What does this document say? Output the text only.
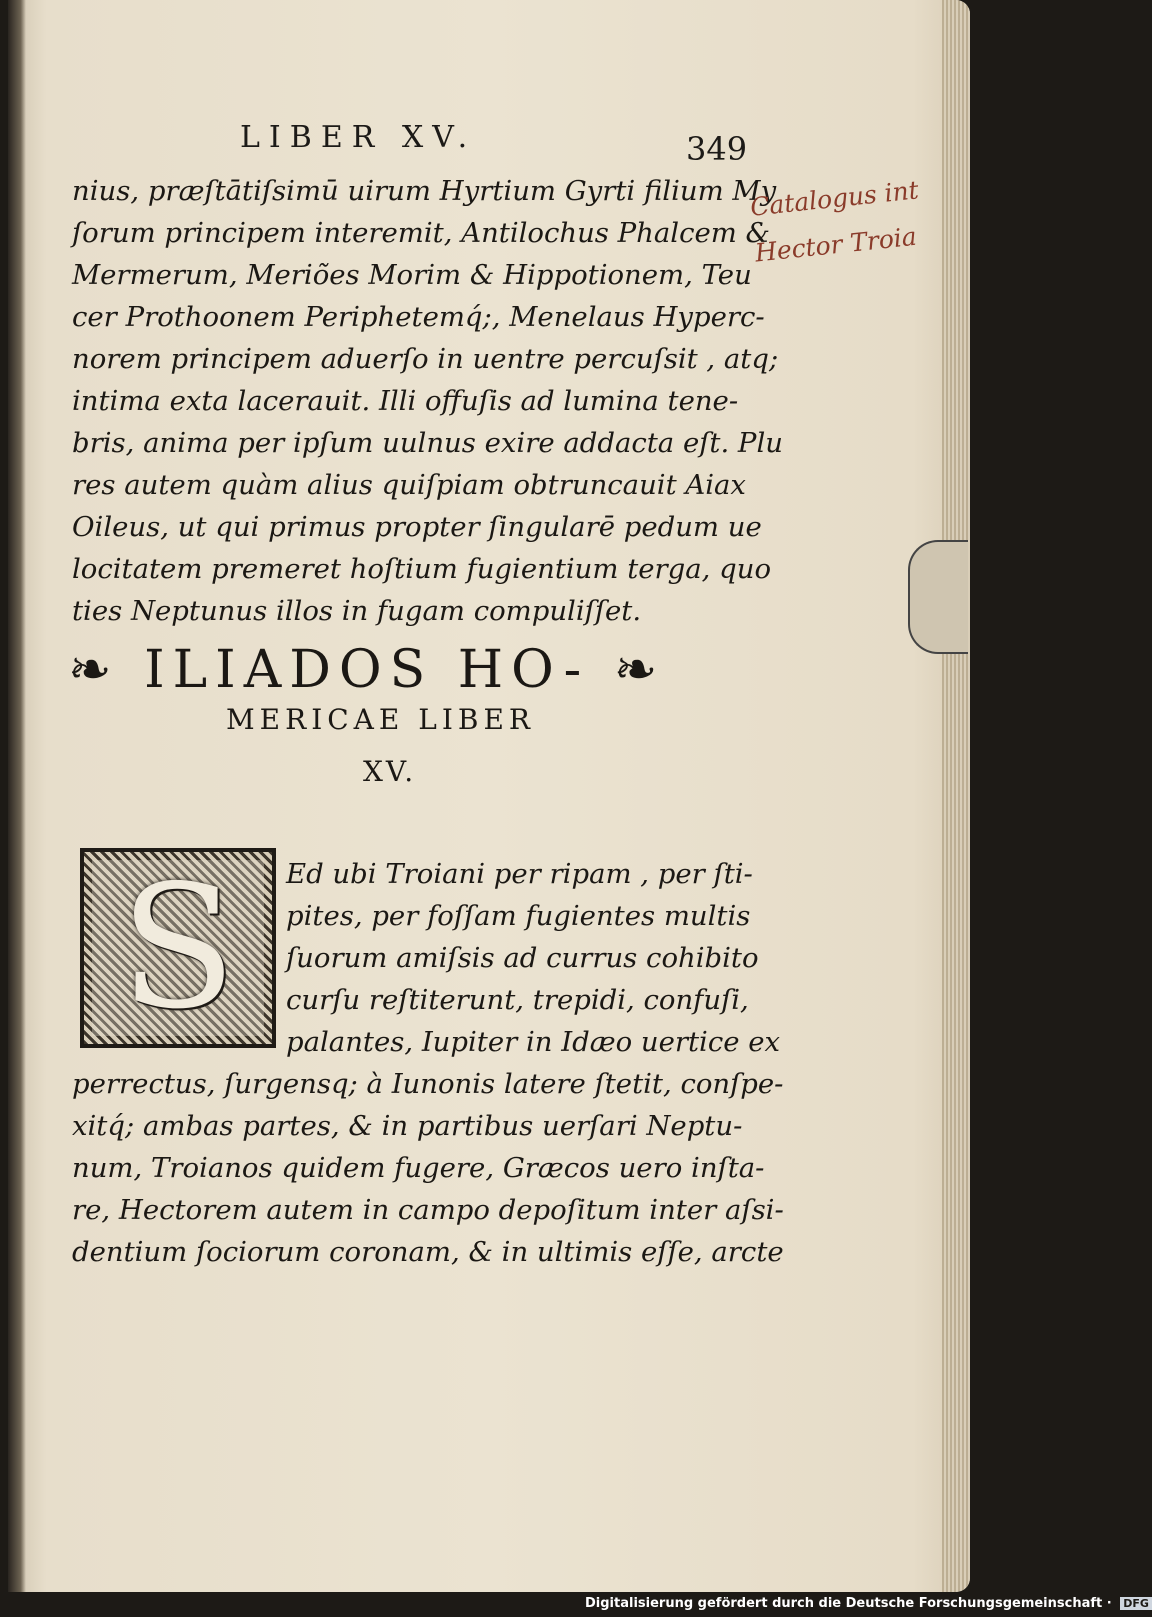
LIBER XV.	349
nius, præſtātiſsimū uirum Hyrtium Gyrti filium My
ſorum principem interemit, Antilochus Phalcem &
Mermerum, Meriões Morim & Hippotionem, Teu
cer Prothoonem Periphetemq́;, Menelaus Hyperc-
norem principem aduerſo in uentre percuſsit , atq;
intima exta lacerauit. Illi offuſis ad lumina tene-
bris, anima per ipſum uulnus exire addacta eſt. Plu
res autem quàm alius quiſpiam obtruncauit Aiax
Oileus, ut qui primus propter ſingularē pedum ue
locitatem premeret hoſtium fugientium terga, quo
ties Neptunus illos in fugam compuliſſet.
Catalogus int
Hector Troia
❧ ILIADOS HO- ❧
MERICAE LIBER
XV.
S	Ed ubi Troiani per ripam , per ſti-
pites, per foſſam fugientes multis
ſuorum amiſsis ad currus cohibito
curſu reſtiterunt, trepidi, confuſi,
palantes, Iupiter in Idæo uertice ex
perrectus, ſurgensq; à Iunonis latere ſtetit, conſpe-
xitq́; ambas partes, & in partibus uerſari Neptu-
num, Troianos quidem fugere, Græcos uero inſta-
re, Hectorem autem in campo depoſitum inter aſsi-
dentium ſociorum coronam, & in ultimis eſſe, arcte
Digitalisierung gefördert durch die Deutsche Forschungsgemeinschaft · DFG
